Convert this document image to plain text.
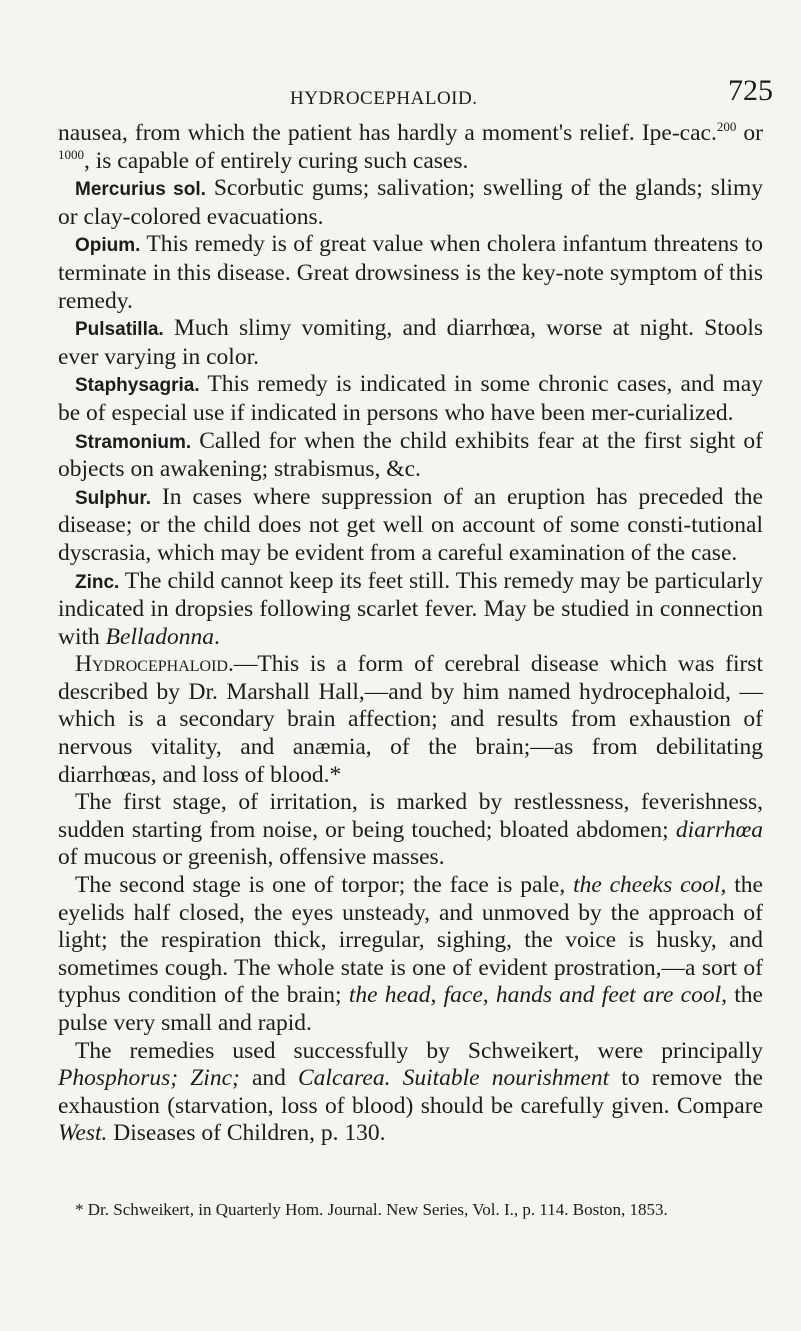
HYDROCEPHALOID.	725

nausea, from which the patient has hardly a moment's relief. Ipe-cac.$^{200}$ or $^{1000}$, is capable of entirely curing such cases.

Mercurius sol. Scorbutic gums; salivation; swelling of the glands; slimy or clay-colored evacuations.

Opium. This remedy is of great value when cholera infantum threatens to terminate in this disease. Great drowsiness is the key-note symptom of this remedy.

Pulsatilla. Much slimy vomiting, and diarrhœa, worse at night. Stools ever varying in color.

Staphysagria. This remedy is indicated in some chronic cases, and may be of especial use if indicated in persons who have been mer-curialized.

Stramonium. Called for when the child exhibits fear at the first sight of objects on awakening; strabismus, &c.

Sulphur. In cases where suppression of an eruption has preceded the disease; or the child does not get well on account of some consti-tutional dyscrasia, which may be evident from a careful examination of the case.

Zinc. The child cannot keep its feet still. This remedy may be particularly indicated in dropsies following scarlet fever. May be studied in connection with Belladonna.

Hydrocephaloid.—This is a form of cerebral disease which was first described by Dr. Marshall Hall,—and by him named hydrocephaloid, —which is a secondary brain affection; and results from exhaustion of nervous vitality, and anæmia, of the brain;—as from debilitating diarrhœas, and loss of blood.*

The first stage, of irritation, is marked by restlessness, feverishness, sudden starting from noise, or being touched; bloated abdomen; diarrhœa of mucous or greenish, offensive masses.

The second stage is one of torpor; the face is pale, the cheeks cool, the eyelids half closed, the eyes unsteady, and unmoved by the approach of light; the respiration thick, irregular, sighing, the voice is husky, and sometimes cough. The whole state is one of evident prostration,—a sort of typhus condition of the brain; the head, face, hands and feet are cool, the pulse very small and rapid.

The remedies used successfully by Schweikert, were principally Phosphorus; Zinc; and Calcarea. Suitable nourishment to remove the exhaustion (starvation, loss of blood) should be carefully given. Compare West. Diseases of Children, p. 130.

* Dr. Schweikert, in Quarterly Hom. Journal. New Series, Vol. I., p. 114. Boston, 1853.
